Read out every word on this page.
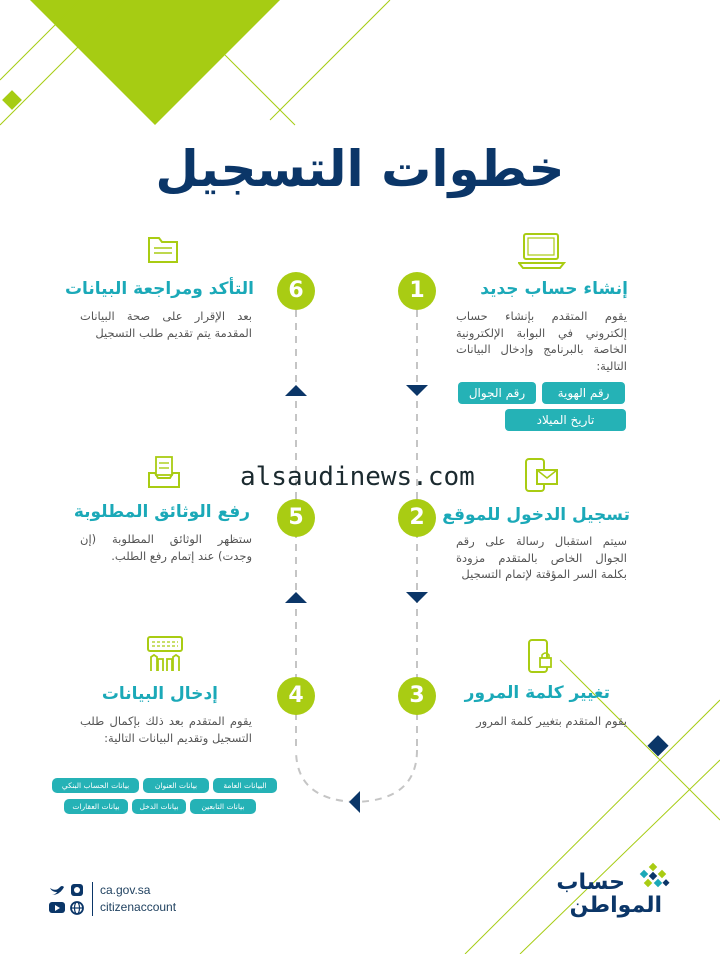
خطوات التسجيل
1
2
3
4
5
6	إنشاء حساب جديد
يقوم المتقدم بإنشاء حساب إلكتروني في البوابة الإلكترونية الخاصة بالبرنامج وإدخال البيانات التالية:
رقم الهوية
رقم الجوال
تاريخ الميلاد
تسجيل الدخول للموقع
سيتم استقبال رسالة على رقم الجوال الخاص بالمتقدم مزودة بكلمة السر المؤقتة لإتمام التسجيل
تغيير كلمة المرور
يقوم المتقدم بتغيير كلمة المرور
التأكد ومراجعة البيانات
بعد الإقرار على صحة البيانات المقدمة يتم تقديم طلب التسجيل
رفع الوثائق المطلوبة
ستظهر الوثائق المطلوبة (إن وجدت) عند إتمام رفع الطلب.
إدخال البيانات
يقوم المتقدم بعد ذلك بإكمال طلب التسجيل وتقديم البيانات التالية:
البيانات العامة
بيانات العنوان
بيانات الحساب البنكي
بيانات التابعين
بيانات الدخل
بيانات العقارات
alsaudinews.com
ca.gov.sa
citizenaccount
حساب
المواطن
